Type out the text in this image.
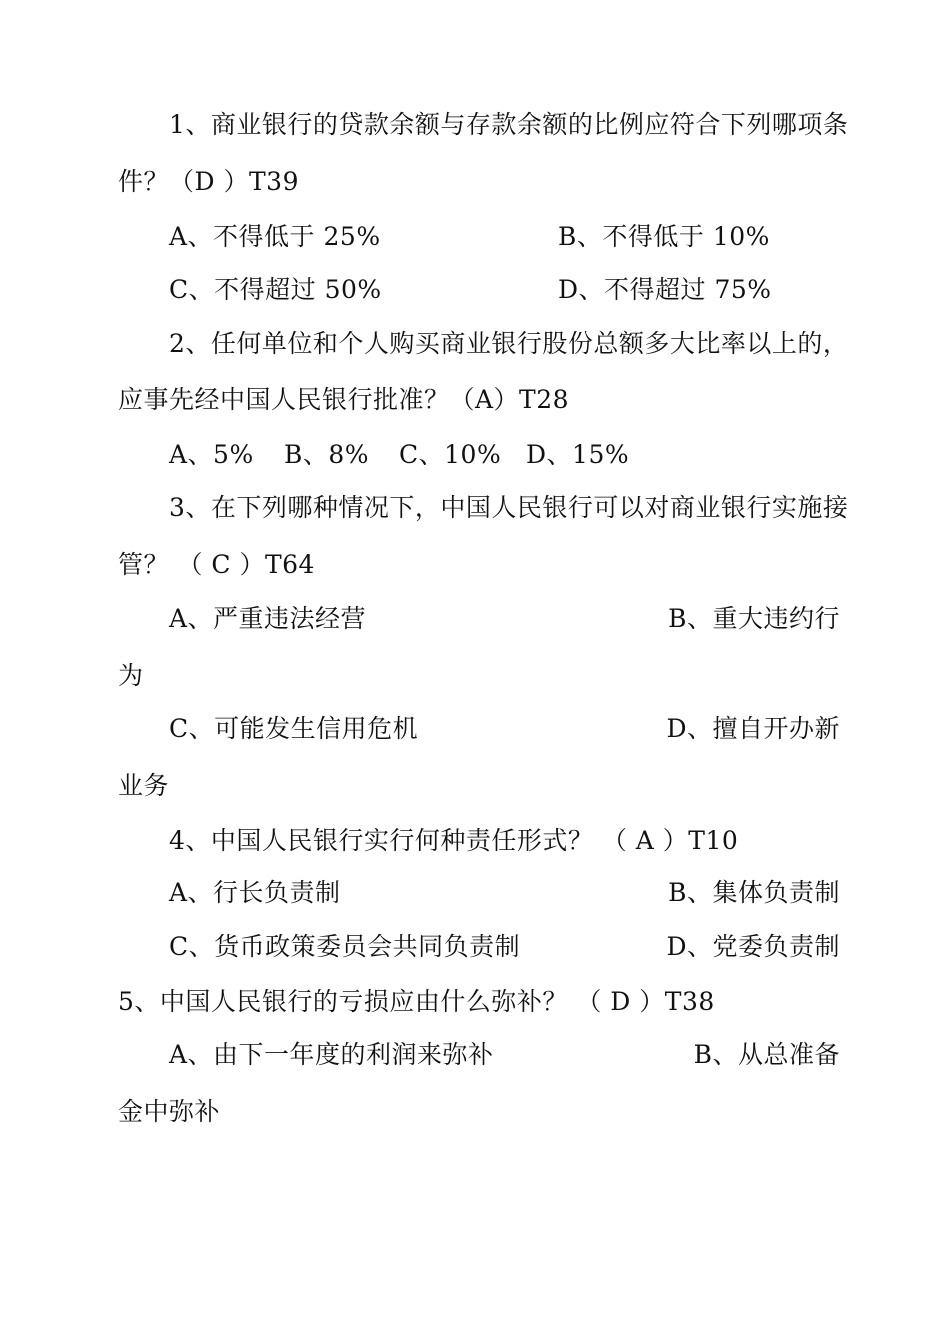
1、商业银行的贷款余额与存款余额的比例应符合下列哪项条
件？（D ）T39
A、不得低于 25%	B、不得低于 10%
C、不得超过 50%	D、不得超过 75%
2、任何单位和个人购买商业银行股份总额多大比率以上的，
应事先经中国人民银行批准？（A）T28
A、5% B、8% C、10% D、15%
3、在下列哪种情况下，中国人民银行可以对商业银行实施接
管？ （ C ）T64
A、严重违法经营	B、重大违约行
为
C、可能发生信用危机	D、擅自开办新
业务
4、中国人民银行实行何种责任形式？ （ A ）T10
A、行长负责制	B、集体负责制
C、货币政策委员会共同负责制	D、党委负责制
5、中国人民银行的亏损应由什么弥补？ （ D ）T38
A、由下一年度的利润来弥补	B、从总准备
金中弥补
